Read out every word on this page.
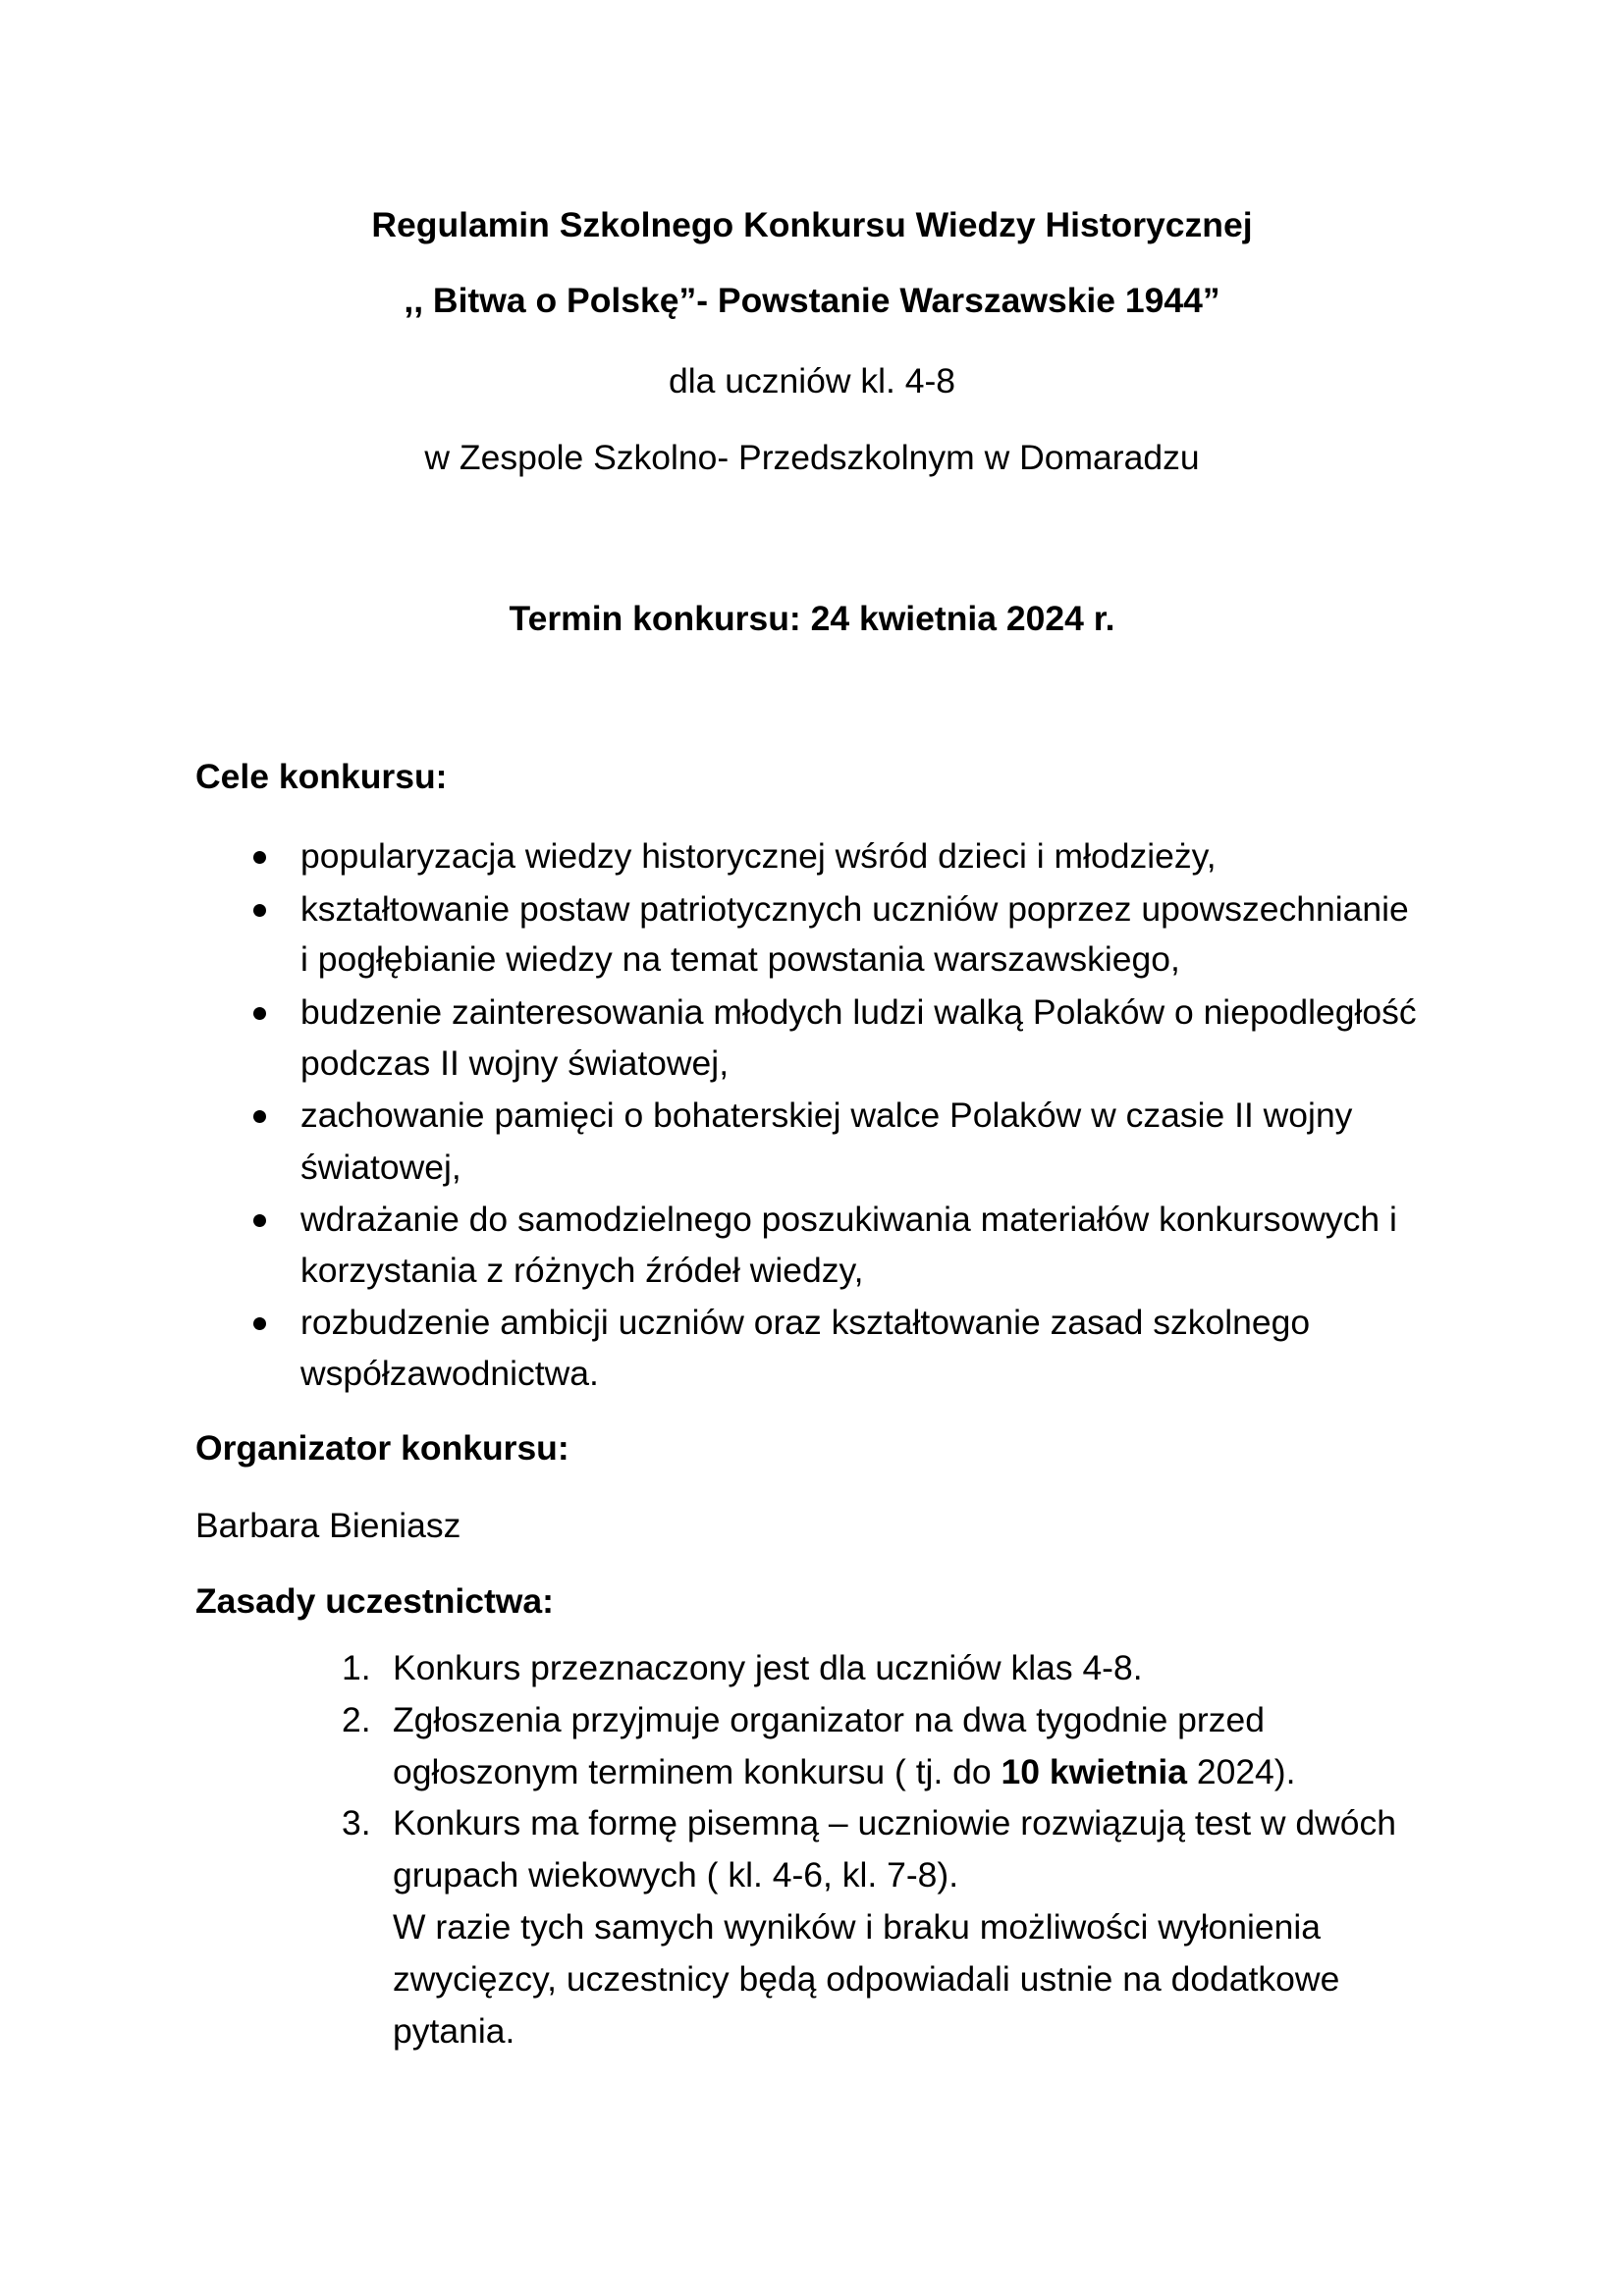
Regulamin Szkolnego Konkursu Wiedzy Historycznej
,, Bitwa o Polskę”- Powstanie Warszawskie 1944”
dla uczniów kl. 4-8
w Zespole Szkolno- Przedszkolnym w Domaradzu
Termin konkursu: 24 kwietnia 2024 r.
Cele konkursu:
popularyzacja wiedzy historycznej wśród dzieci i młodzieży,
kształtowanie postaw patriotycznych uczniów poprzez upowszechnianie
i pogłębianie wiedzy na temat powstania warszawskiego,
budzenie zainteresowania młodych ludzi walką Polaków o niepodległość
podczas II wojny światowej,
zachowanie pamięci o bohaterskiej walce Polaków w czasie II wojny
światowej,
wdrażanie do samodzielnego poszukiwania materiałów konkursowych i
korzystania z różnych źródeł wiedzy,
rozbudzenie ambicji uczniów oraz kształtowanie zasad szkolnego
współzawodnictwa.
Organizator konkursu:
Barbara Bieniasz
Zasady uczestnictwa:
1. Konkurs przeznaczony jest dla uczniów klas 4-8.
2. Zgłoszenia przyjmuje organizator na dwa tygodnie przed
ogłoszonym terminem konkursu ( tj. do 10 kwietnia 2024).
3. Konkurs ma formę pisemną – uczniowie rozwiązują test w dwóch
grupach wiekowych ( kl. 4-6, kl. 7-8).
W razie tych samych wyników i braku możliwości wyłonienia
zwycięzcy, uczestnicy będą odpowiadali ustnie na dodatkowe
pytania.
